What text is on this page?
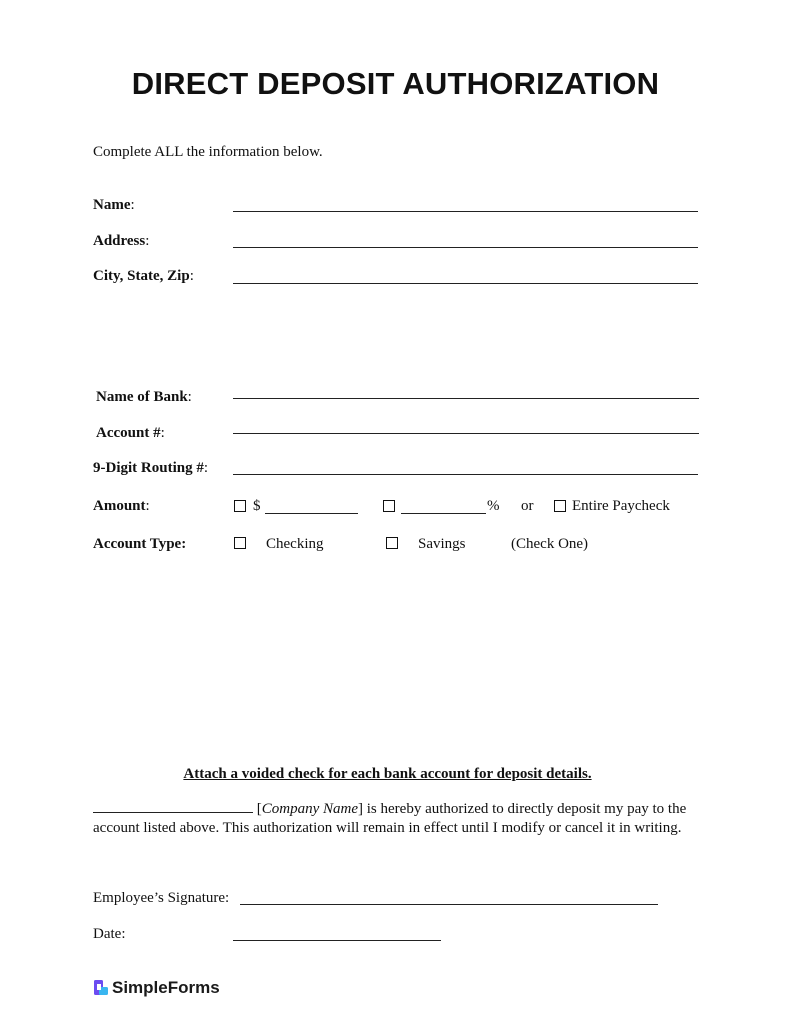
DIRECT DEPOSIT AUTHORIZATION
Complete ALL the information below.
Name:
Address:
City, State, Zip:
Name of Bank:
Account #:
9-Digit Routing #:
Amount:	$	% or	Entire Paycheck
Account Type:	Checking	Savings	(Check One)
Attach a voided check for each bank account for deposit details.
[Company Name] is hereby authorized to directly deposit my pay to the account listed above. This authorization will remain in effect until I modify or cancel it in writing.
Employee’s Signature:
Date:
SimpleForms
